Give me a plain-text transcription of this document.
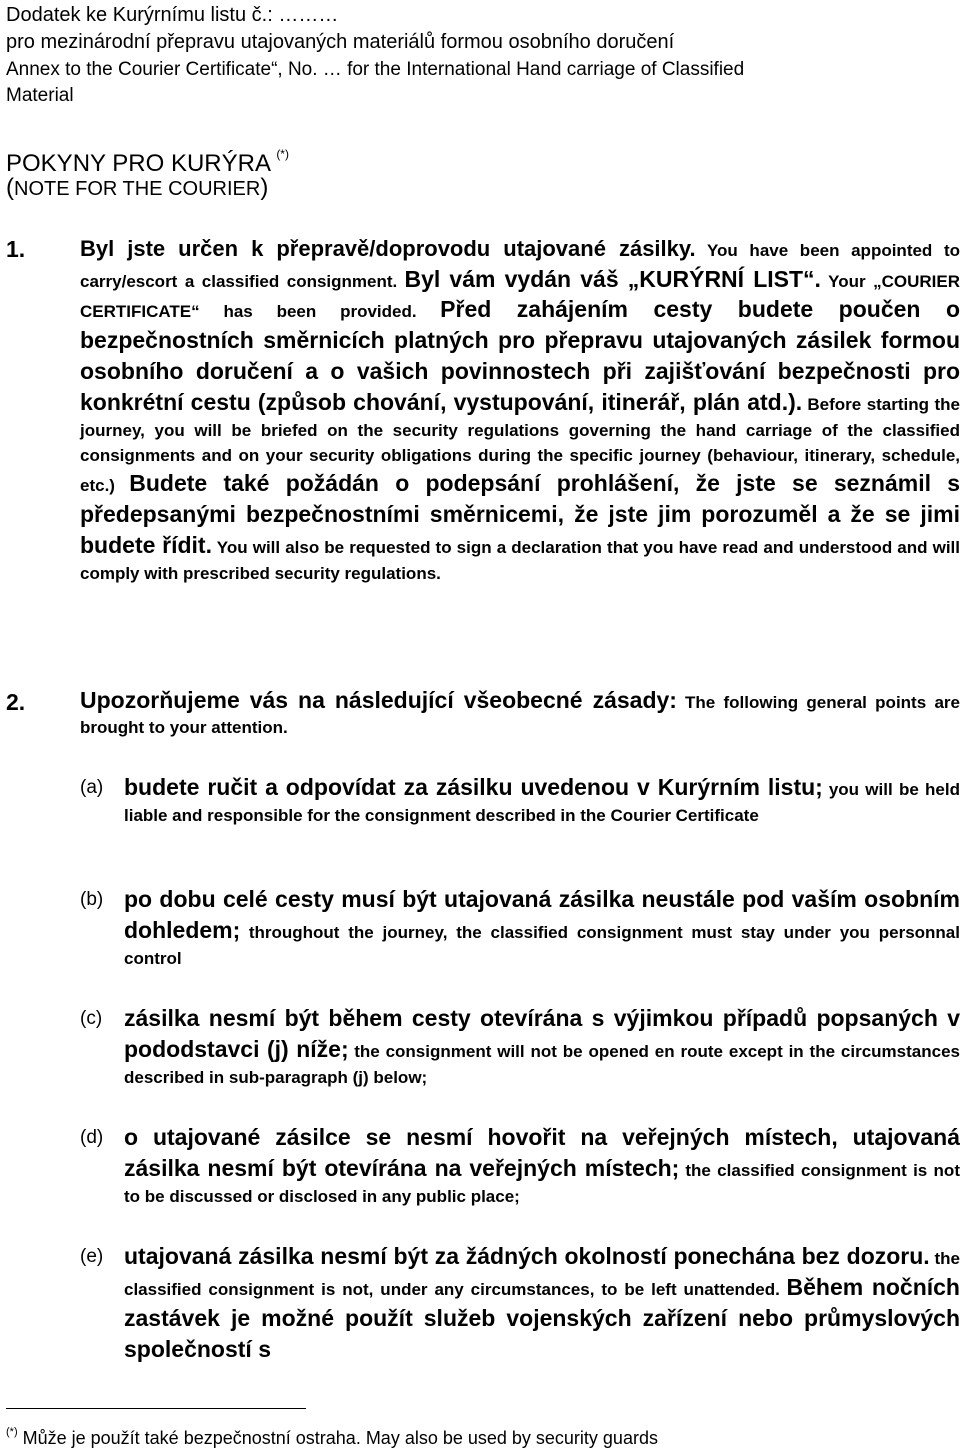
Dodatek ke Kurýrnímu listu č.: ………
pro mezinárodní přepravu utajovaných materiálů formou osobního doručení
Annex to the Courier Certificate“, No. … for the International Hand carriage of Classified
Material
POKYNY PRO KURÝRA (*)
(NOTE FOR THE COURIER)
1. Byl jste určen k přepravě/doprovodu utajované zásilky. You have been appointed to carry/escort a classified consignment. Byl vám vydán váš „KURÝRNÍ LIST“. Your „COURIER CERTIFICATE“ has been provided. Před zahájením cesty budete poučen o bezpečnostních směrnicích platných pro přepravu utajovaných zásilek formou osobního doručení a o vašich povinnostech při zajišťování bezpečnosti pro konkrétní cestu (způsob chování, vystupování, itinerář, plán atd.). Before starting the journey, you will be briefed on the security regulations governing the hand carriage of the classified consignments and on your security obligations during the specific journey (behaviour, itinerary, schedule, etc.) Budete také požádán o podepsání prohlášení, že jste se seznámil s předepsanými bezpečnostními směrnicemi, že jste jim porozuměl a že se jimi budete řídit. You will also be requested to sign a declaration that you have read and understood and will comply with prescribed security regulations.

2. Upozorňujeme vás na následující všeobecné zásady: The following general points are brought to your attention.

(a) budete ručit a odpovídat za zásilku uvedenou v Kurýrním listu; you will be held liable and responsible for the consignment described in the Courier Certificate
(b) po dobu celé cesty musí být utajovaná zásilka neustále pod vaším osobním dohledem; throughout the journey, the classified consignment must stay under you personnal control
(c) zásilka nesmí být během cesty otevírána s výjimkou případů popsaných v pododstavci (j) níže; the consignment will not be opened en route except in the circumstances described in sub-paragraph (j) below;
(d) o utajované zásilce se nesmí hovořit na veřejných místech, utajovaná zásilka nesmí být otevírána na veřejných místech; the classified consignment is not to be discussed or disclosed in any public place;
(e) utajovaná zásilka nesmí být za žádných okolností ponechána bez dozoru. the classified consignment is not, under any circumstances, to be left unattended. Během nočních zastávek je možné použít služeb vojenských zařízení nebo průmyslových společností s
(*) Může je použít také bezpečnostní ostraha. May also be used by security guards
